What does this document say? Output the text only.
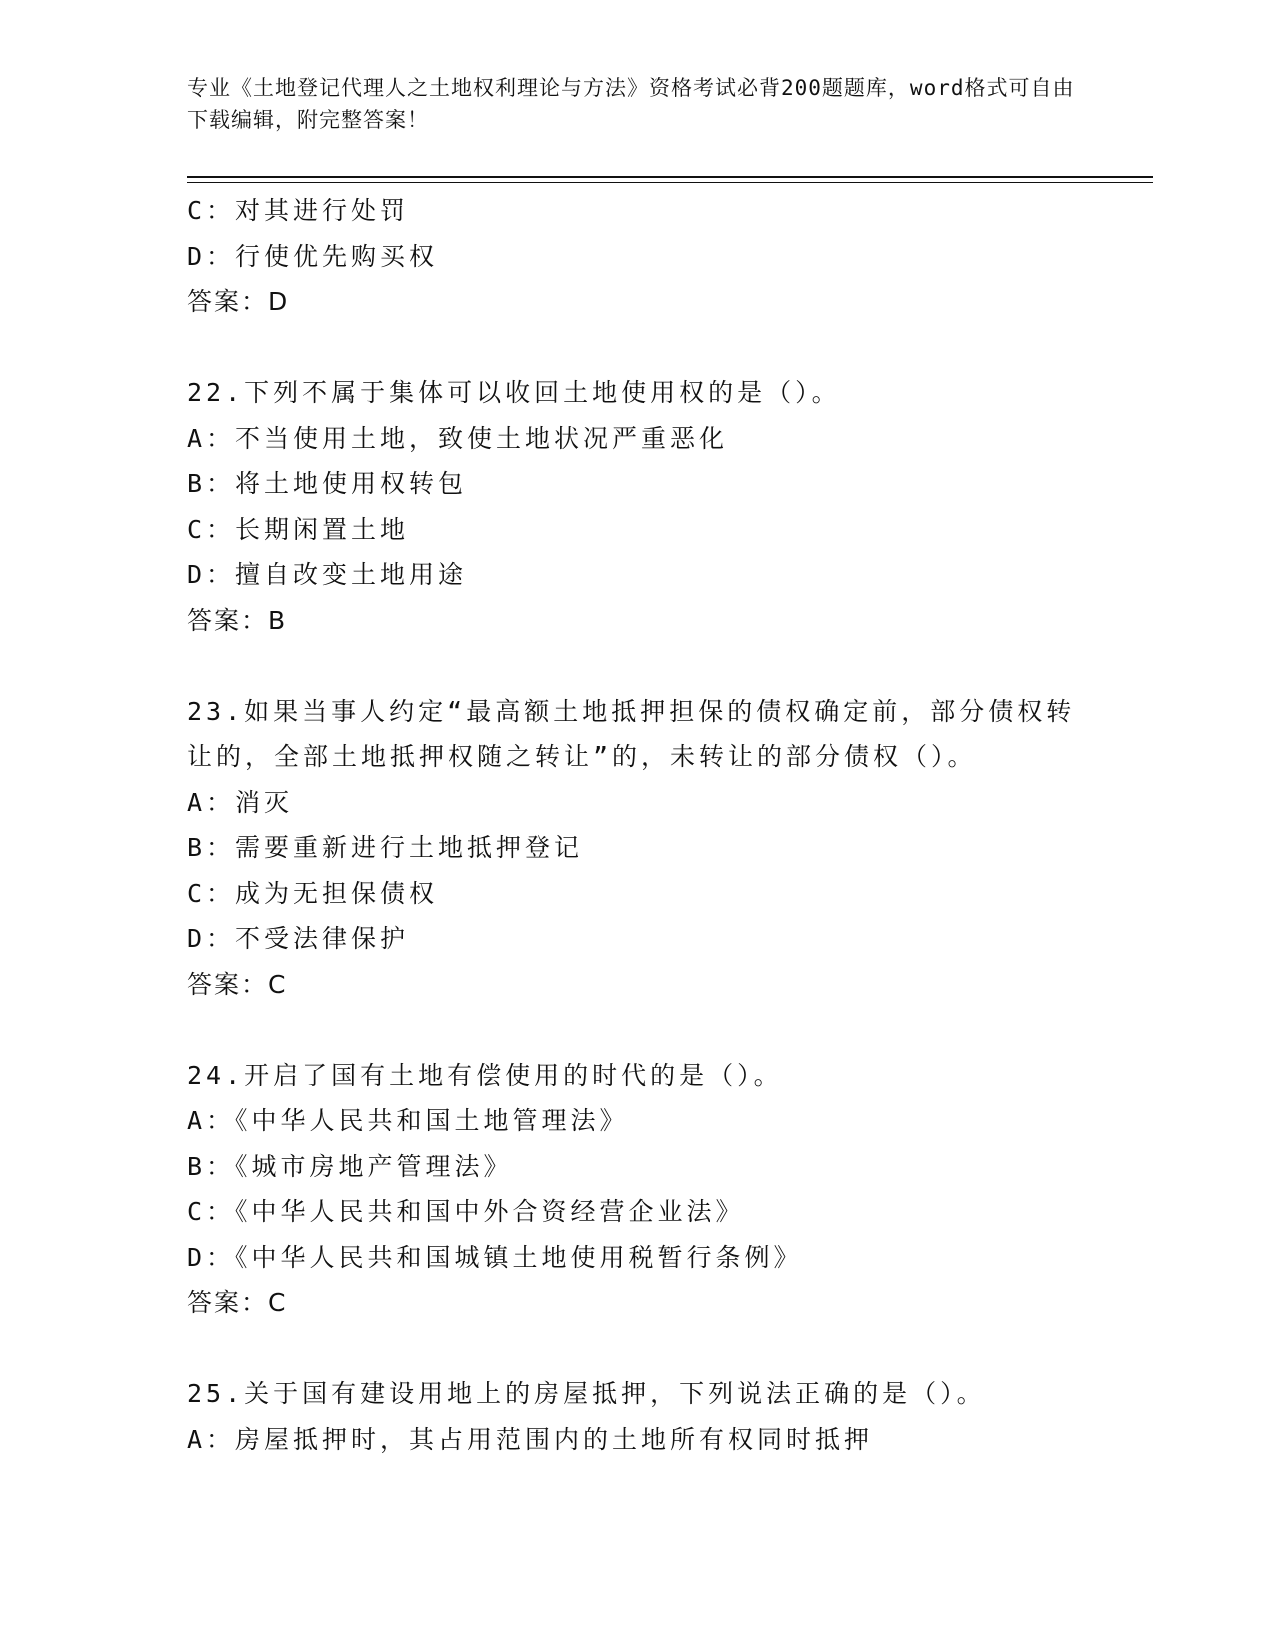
专业《土地登记代理人之土地权利理论与方法》资格考试必背200题题库，word格式可自由下载编辑，附完整答案！
C：对其进行处罚
D：行使优先购买权
答案：D
22.下列不属于集体可以收回土地使用权的是（）。
A：不当使用土地，致使土地状况严重恶化
B：将土地使用权转包
C：长期闲置土地
D：擅自改变土地用途
答案：B
23.如果当事人约定“最高额土地抵押担保的债权确定前，部分债权转
让的，全部土地抵押权随之转让”的，未转让的部分债权（）。
A：消灭
B：需要重新进行土地抵押登记
C：成为无担保债权
D：不受法律保护
答案：C
24.开启了国有土地有偿使用的时代的是（）。
A：《中华人民共和国土地管理法》
B：《城市房地产管理法》
C：《中华人民共和国中外合资经营企业法》
D：《中华人民共和国城镇土地使用税暂行条例》
答案：C
25.关于国有建设用地上的房屋抵押，下列说法正确的是（）。
A：房屋抵押时，其占用范围内的土地所有权同时抵押
